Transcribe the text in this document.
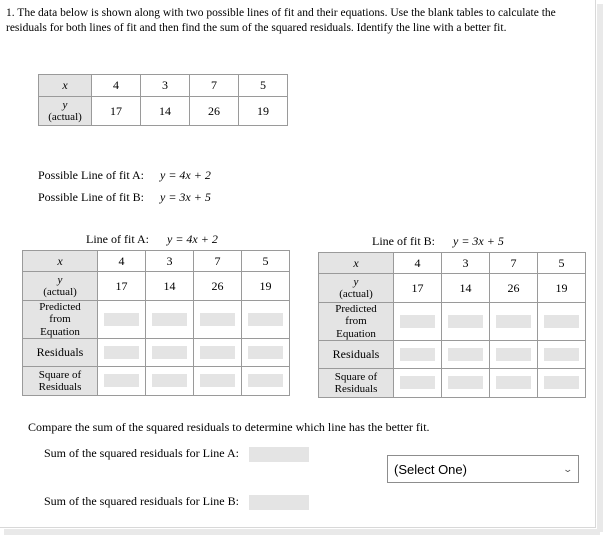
1. The data below is shown along with two possible lines of fit and their equations. Use the blank tables to calculate the residuals for both lines of fit and then find the sum of the squared residuals. Identify the line with a better fit.
x	4	3	7	5

y
(actual)	17	14	26	19
Possible Line of fit A: y = 4x + 2
Possible Line of fit B: y = 3x + 5
Line of fit A: y = 4x + 2	Line of fit B: y = 3x + 5
x	4	3	7	5

y
(actual)	17	14	26	19

Predicted
from
Equation				

Residuals	

Square of
Residuals				

x	4	3	7	5

y
(actual)	17	14	26	19

Predicted
from
Equation				

Residuals	

Square of
Residuals				

Compare the sum of the squared residuals to determine which line has the better fit.
Sum of the squared residuals for Line A:
Sum of the squared residuals for Line B:
(Select One)	⌄
